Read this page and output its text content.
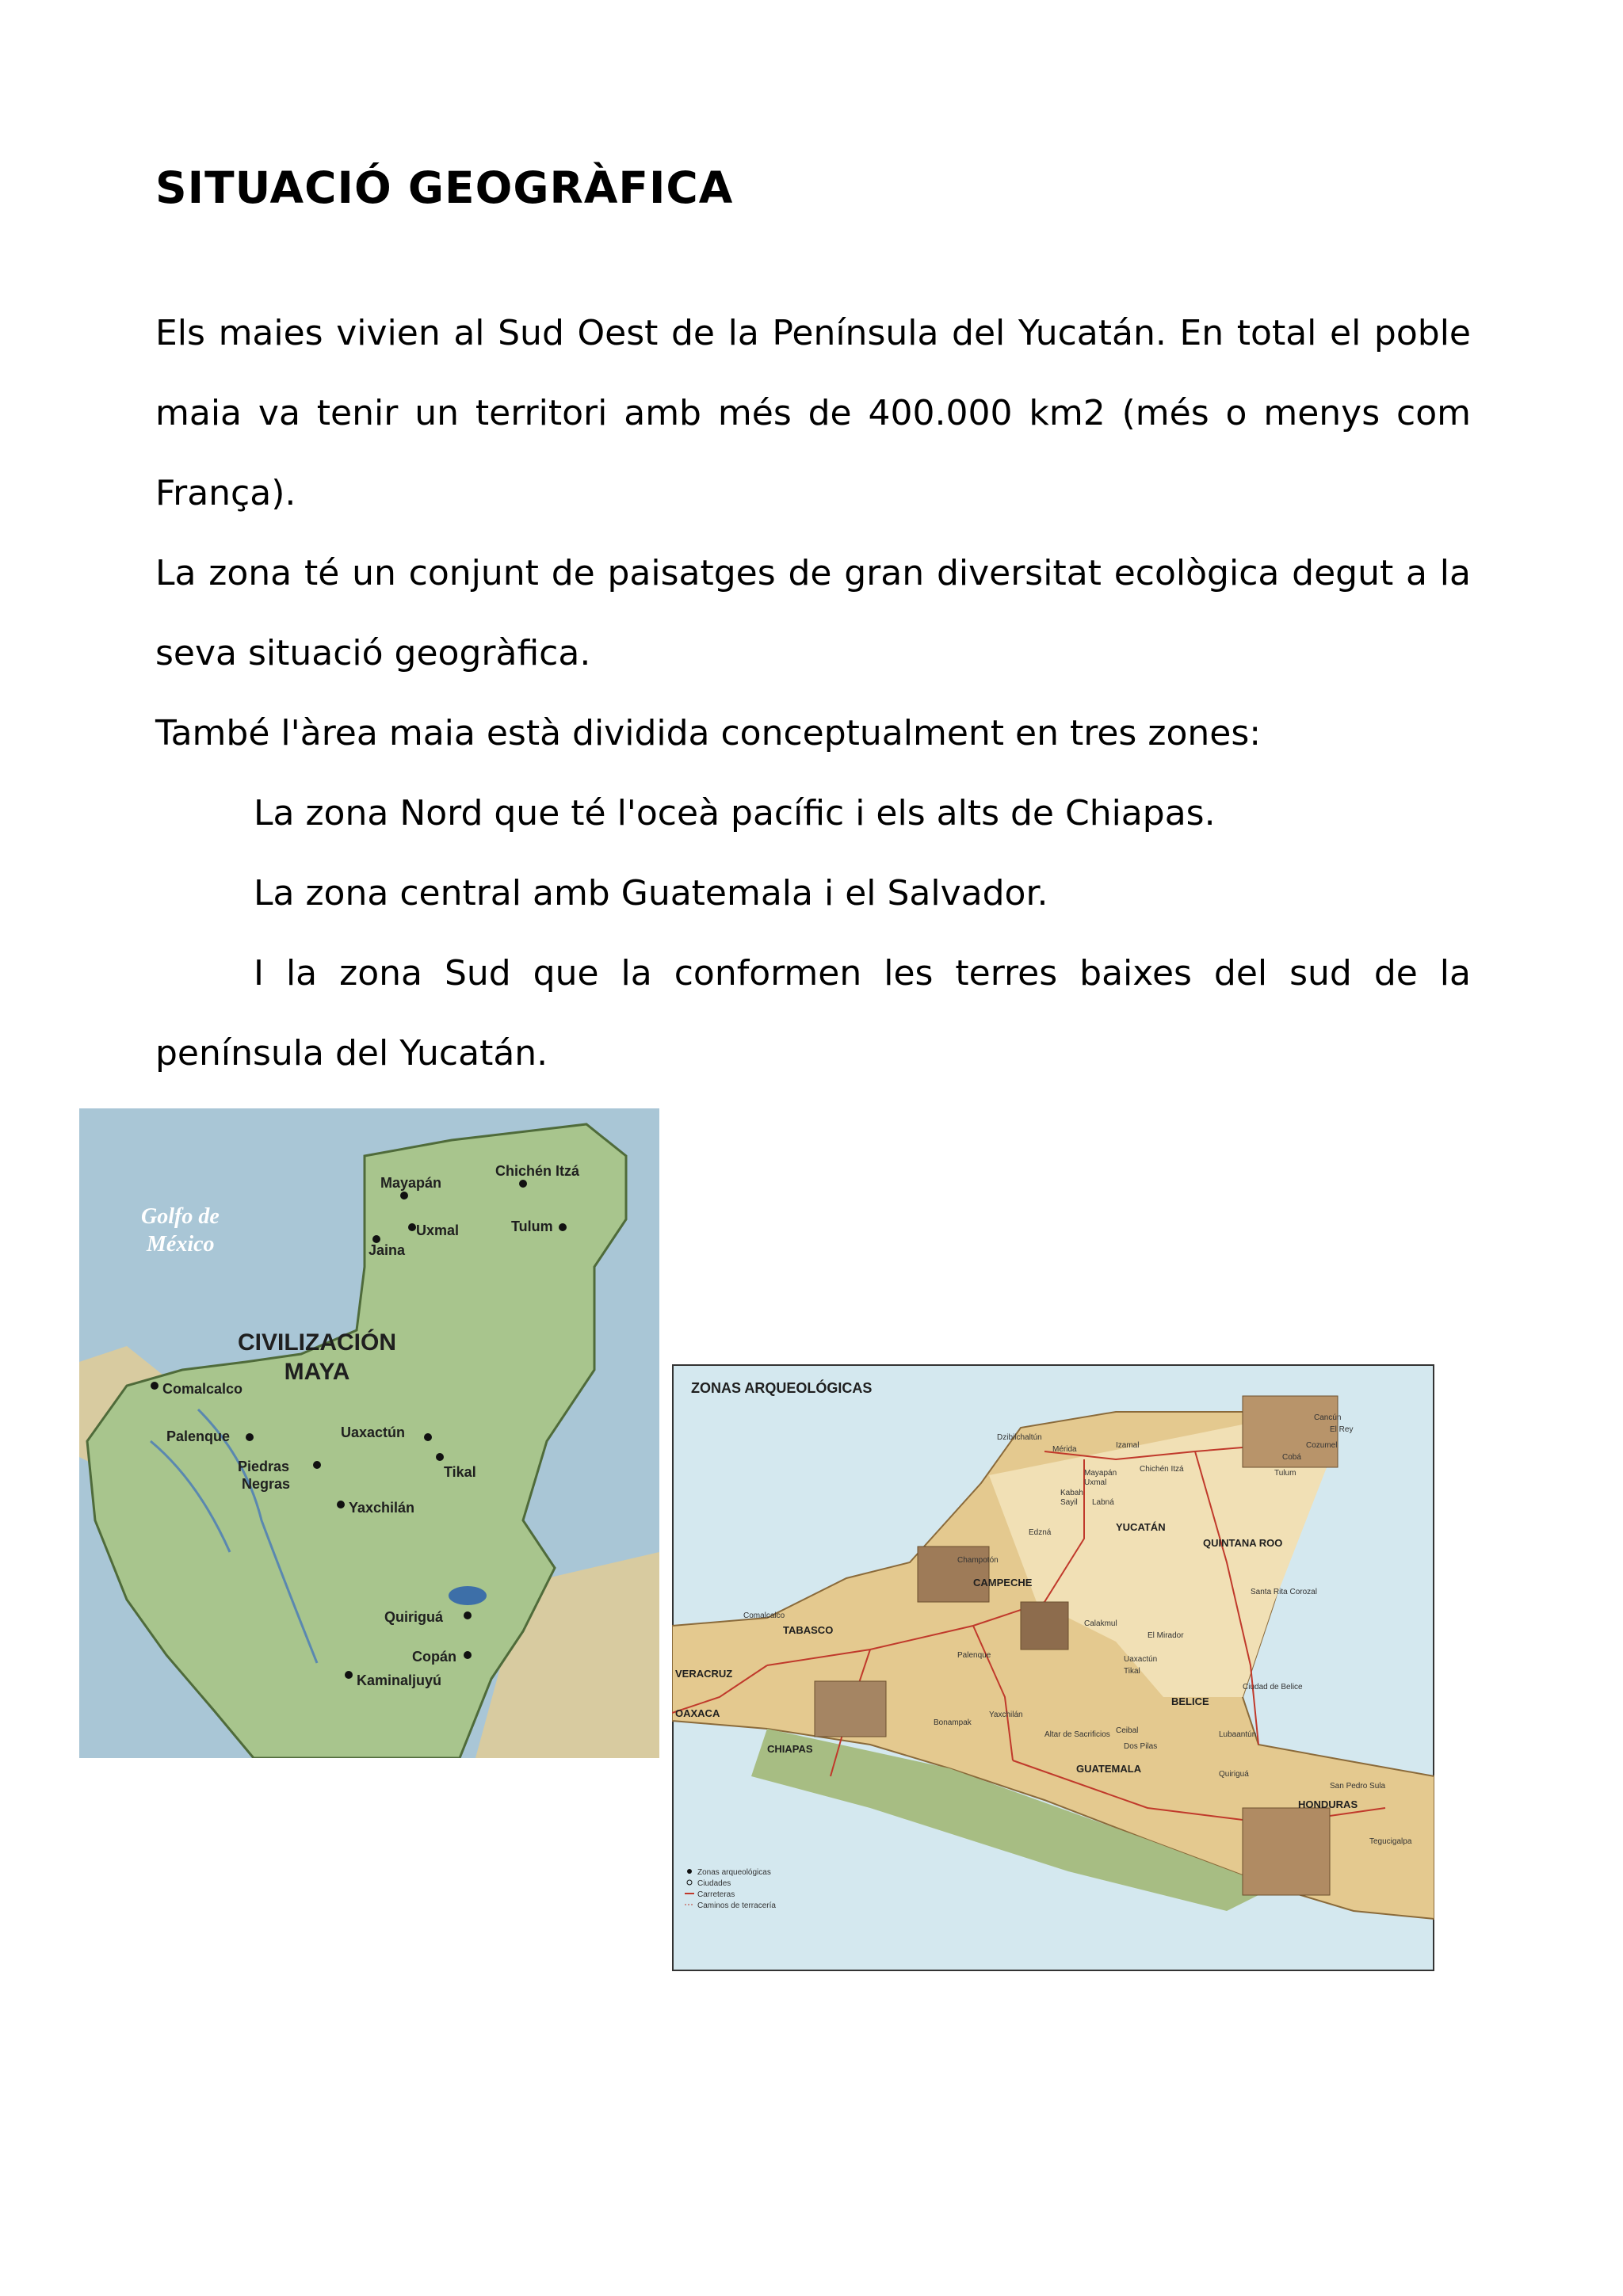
SITUACIÓ GEOGRÀFICA

Els maies vivien al Sud Oest de la Península del Yucatán. En total el poble maia va tenir un territori amb més de 400.000 km2 (més o menys com França).

La zona té un conjunt de paisatges de gran diversitat ecològica degut a la seva situació geogràfica.

També l'àrea maia està dividida conceptualment en tres zones:

La zona Nord que té l'oceà pacífic i els alts de Chiapas.

La zona central amb Guatemala i el Salvador.

I la zona Sud que la conformen les terres baixes del sud de la península del Yucatán.

Golfo de
México
CIVILIZACIÓN
MAYA
Mayapán
Chichén Itzá
Uxmal	Tulum
Jaina
Comalcalco
Palenque	Uaxactún
Piedras
Negras
Tikal
Yaxchilán
Quiriguá
Copán
Kaminaljuyú
ZONAS ARQUEOLÓGICAS
YUCATÁN
QUINTANA ROO
CAMPECHE
TABASCO
CHIAPAS
GUATEMALA
BELICE
HONDURAS
VERACRUZ
OAXACA
Dzibilchaltún
Izamal
Mérida
Chichén Itzá
Mayapán
Uxmal
Kabah
Sayil Labná
Cancún
Cobá
Tulum
Edzná
Champotón
Calakmul
Palenque
Bonampak
Yaxchilán
Tikal
Uaxactún
Ceibal
Quiriguá
Tegucigalpa
San Pedro Sula
El Rey
Cozumel
Comalcalco
Altar de Sacrificios
Dos Pilas
Lubaantún
Ciudad de Belice
El Mirador
Santa Rita Corozal
Zonas arqueológicas
Ciudades
Carreteras
Caminos de terracería
